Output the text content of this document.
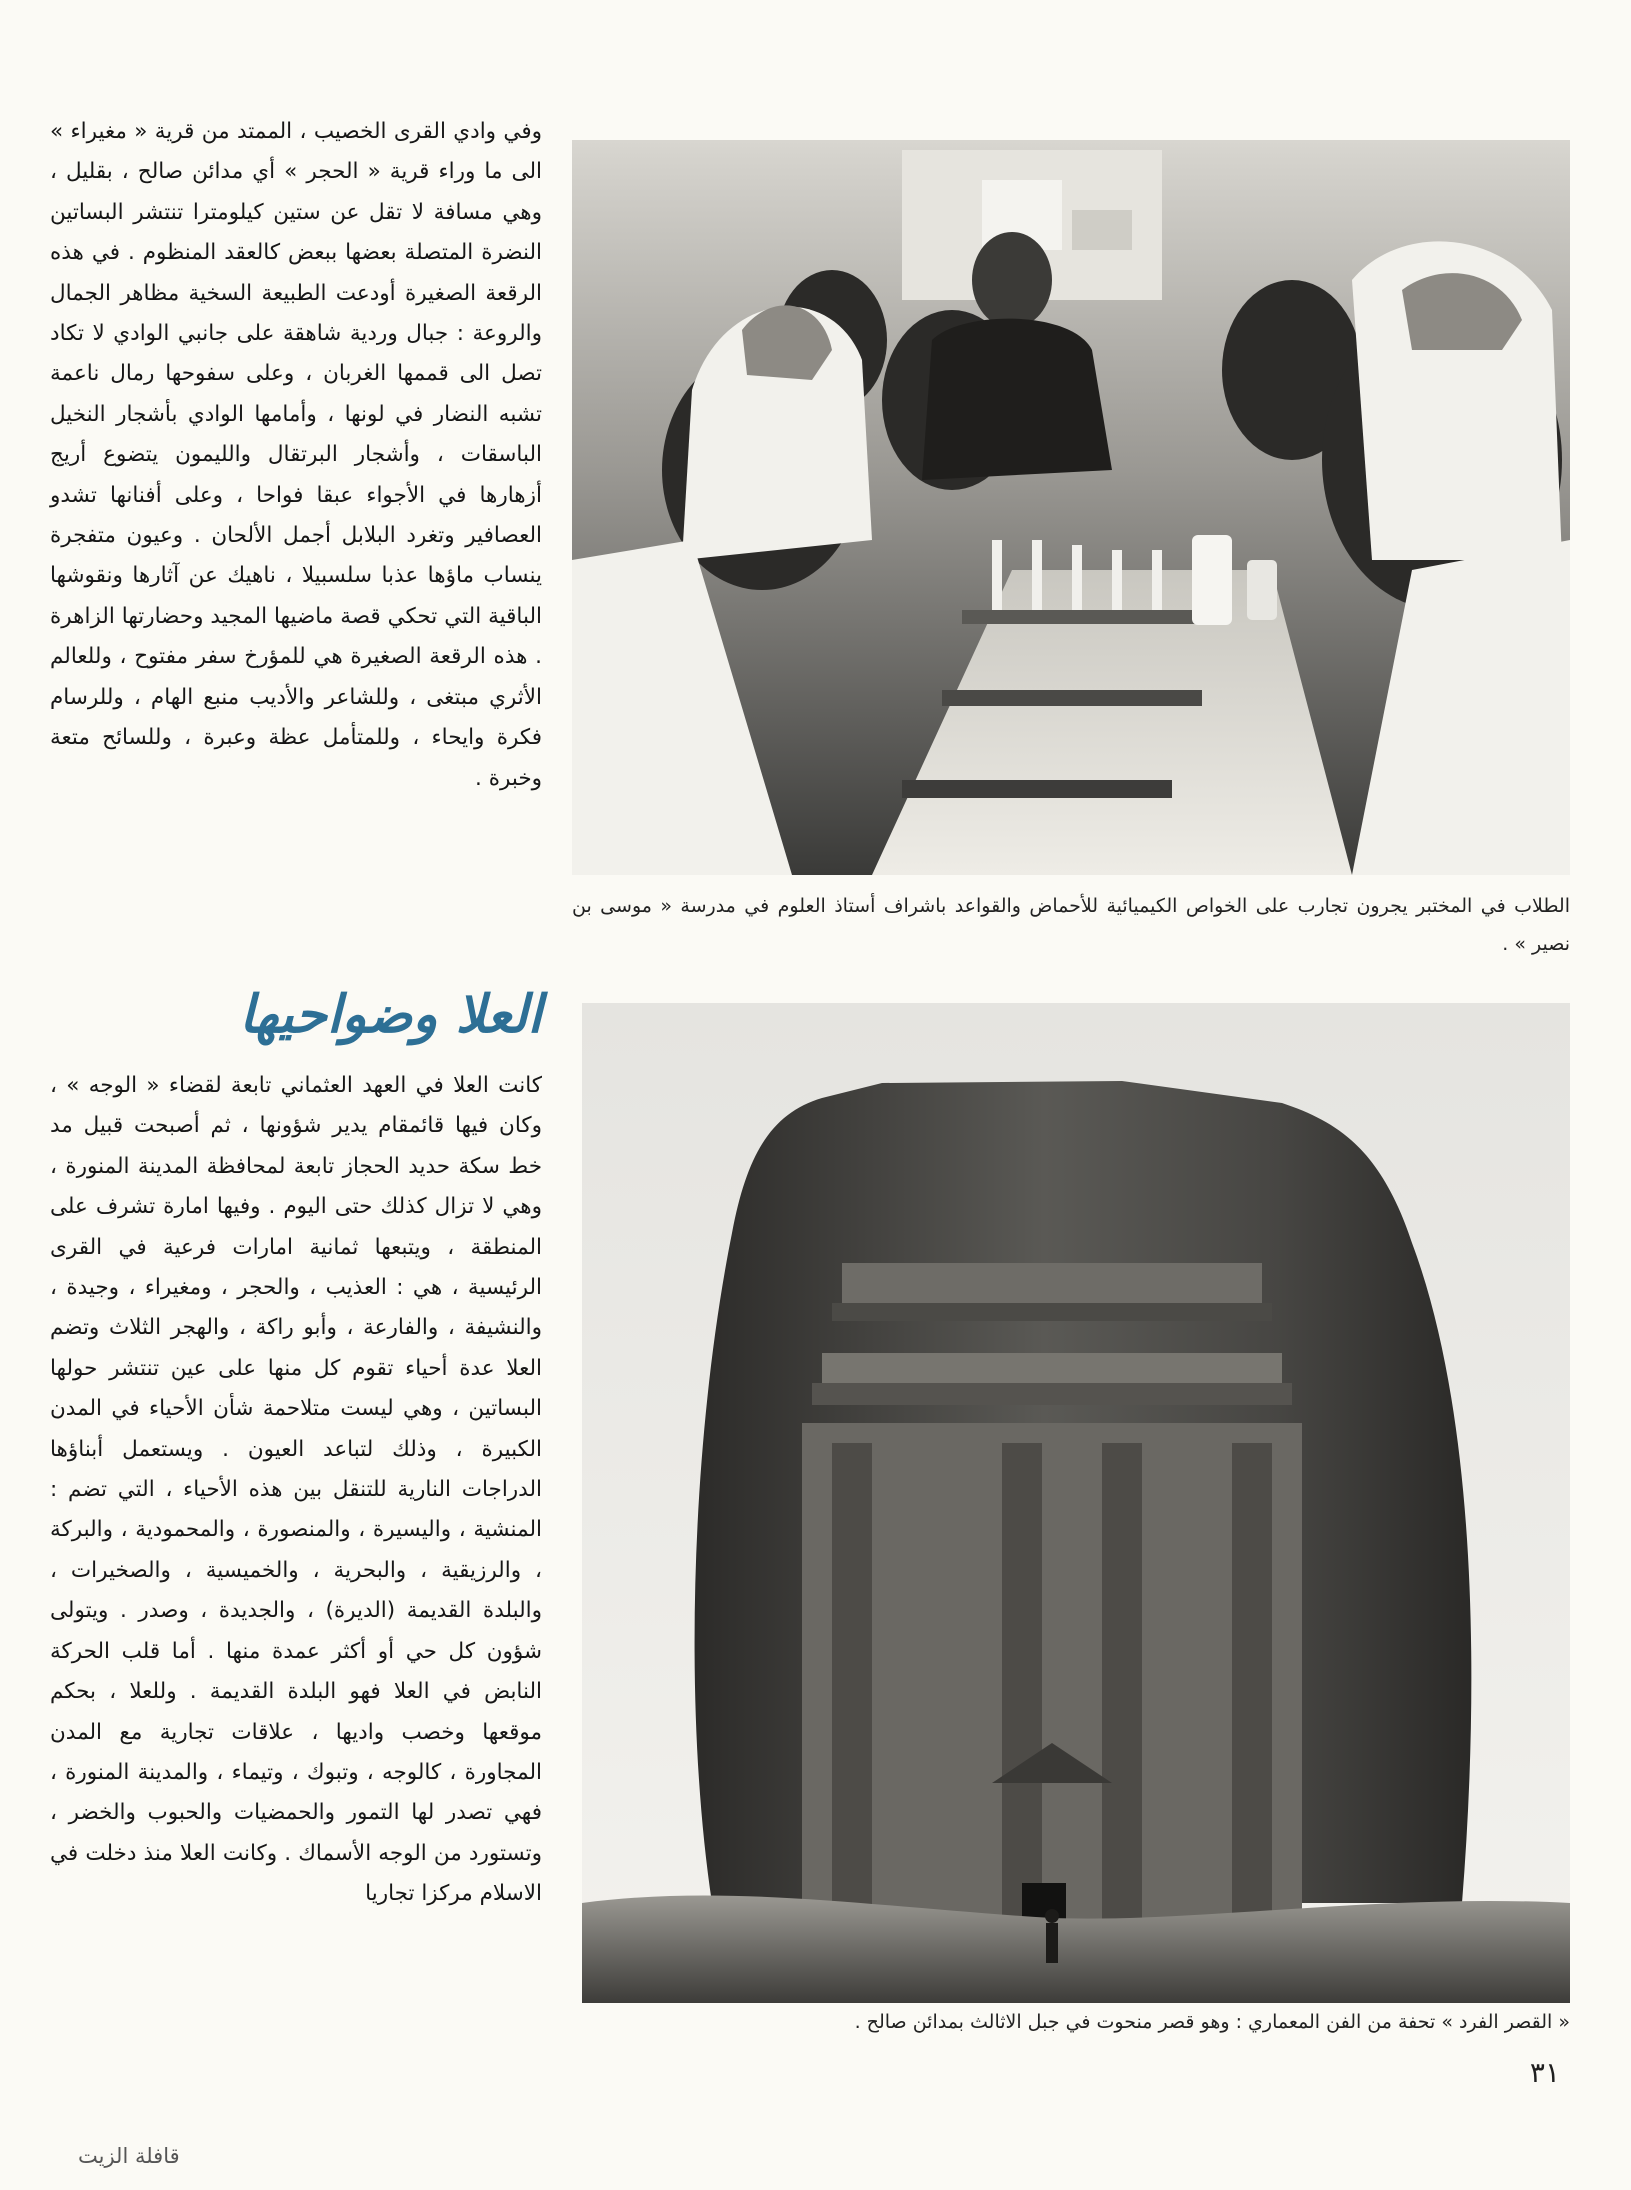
وفي وادي القرى الخصيب ، الممتد من قرية « مغيراء » الى ما وراء قرية « الحجر » أي مدائن صالح ، بقليل ، وهي مسافة لا تقل عن ستين كيلومترا تنتشر البساتين النضرة المتصلة بعضها ببعض كالعقد المنظوم . في هذه الرقعة الصغيرة أودعت الطبيعة السخية مظاهر الجمال والروعة : جبال وردية شاهقة على جانبي الوادي لا تكاد تصل الى قممها الغربان ، وعلى سفوحها رمال ناعمة تشبه النضار في لونها ، وأمامها الوادي بأشجار النخيل الباسقات ، وأشجار البرتقال والليمون يتضوع أريج أزهارها في الأجواء عبقا فواحا ، وعلى أفنانها تشدو العصافير وتغرد البلابل أجمل الألحان . وعيون متفجرة ينساب ماؤها عذبا سلسبيلا ، ناهيك عن آثارها ونقوشها الباقية التي تحكي قصة ماضيها المجيد وحضارتها الزاهرة . هذه الرقعة الصغيرة هي للمؤرخ سفر مفتوح ، وللعالم الأثري مبتغى ، وللشاعر والأديب منبع الهام ، وللرسام فكرة وايحاء ، وللمتأمل عظة وعبرة ، وللسائح متعة وخبرة .

العلا وضواحيها

كانت العلا في العهد العثماني تابعة لقضاء « الوجه » ، وكان فيها قائمقام يدير شؤونها ، ثم أصبحت قبيل مد خط سكة حديد الحجاز تابعة لمحافظة المدينة المنورة ، وهي لا تزال كذلك حتى اليوم . وفيها امارة تشرف على المنطقة ، ويتبعها ثمانية امارات فرعية في القرى الرئيسية ، هي : العذيب ، والحجر ، ومغيراء ، وجيدة ، والنشيفة ، والفارعة ، وأبو راكة ، والهجر الثلاث وتضم العلا عدة أحياء تقوم كل منها على عين تنتشر حولها البساتين ، وهي ليست متلاحمة شأن الأحياء في المدن الكبيرة ، وذلك لتباعد العيون . ويستعمل أبناؤها الدراجات النارية للتنقل بين هذه الأحياء ، التي تضم : المنشية ، واليسيرة ، والمنصورة ، والمحمودية ، والبركة ، والرزيقية ، والبحرية ، والخميسية ، والصخيرات ، والبلدة القديمة (الديرة) ، والجديدة ، وصدر . ويتولى شؤون كل حي أو أكثر عمدة منها . أما قلب الحركة النابض في العلا فهو البلدة القديمة . وللعلا ، بحكم موقعها وخصب واديها ، علاقات تجارية مع المدن المجاورة ، كالوجه ، وتبوك ، وتيماء ، والمدينة المنورة ، فهي تصدر لها التمور والحمضيات والحبوب والخضر ، وتستورد من الوجه الأسماك . وكانت العلا منذ دخلت في الاسلام مركزا تجاريا

الطلاب في المختبر يجرون تجارب على الخواص الكيميائية للأحماض والقواعد باشراف أستاذ العلوم في مدرسة « موسى بن نصير » .
« القصر الفرد » تحفة من الفن المعماري : وهو قصر منحوت في جبل الاثالث بمدائن صالح .
٣١
قافلة الزيت
